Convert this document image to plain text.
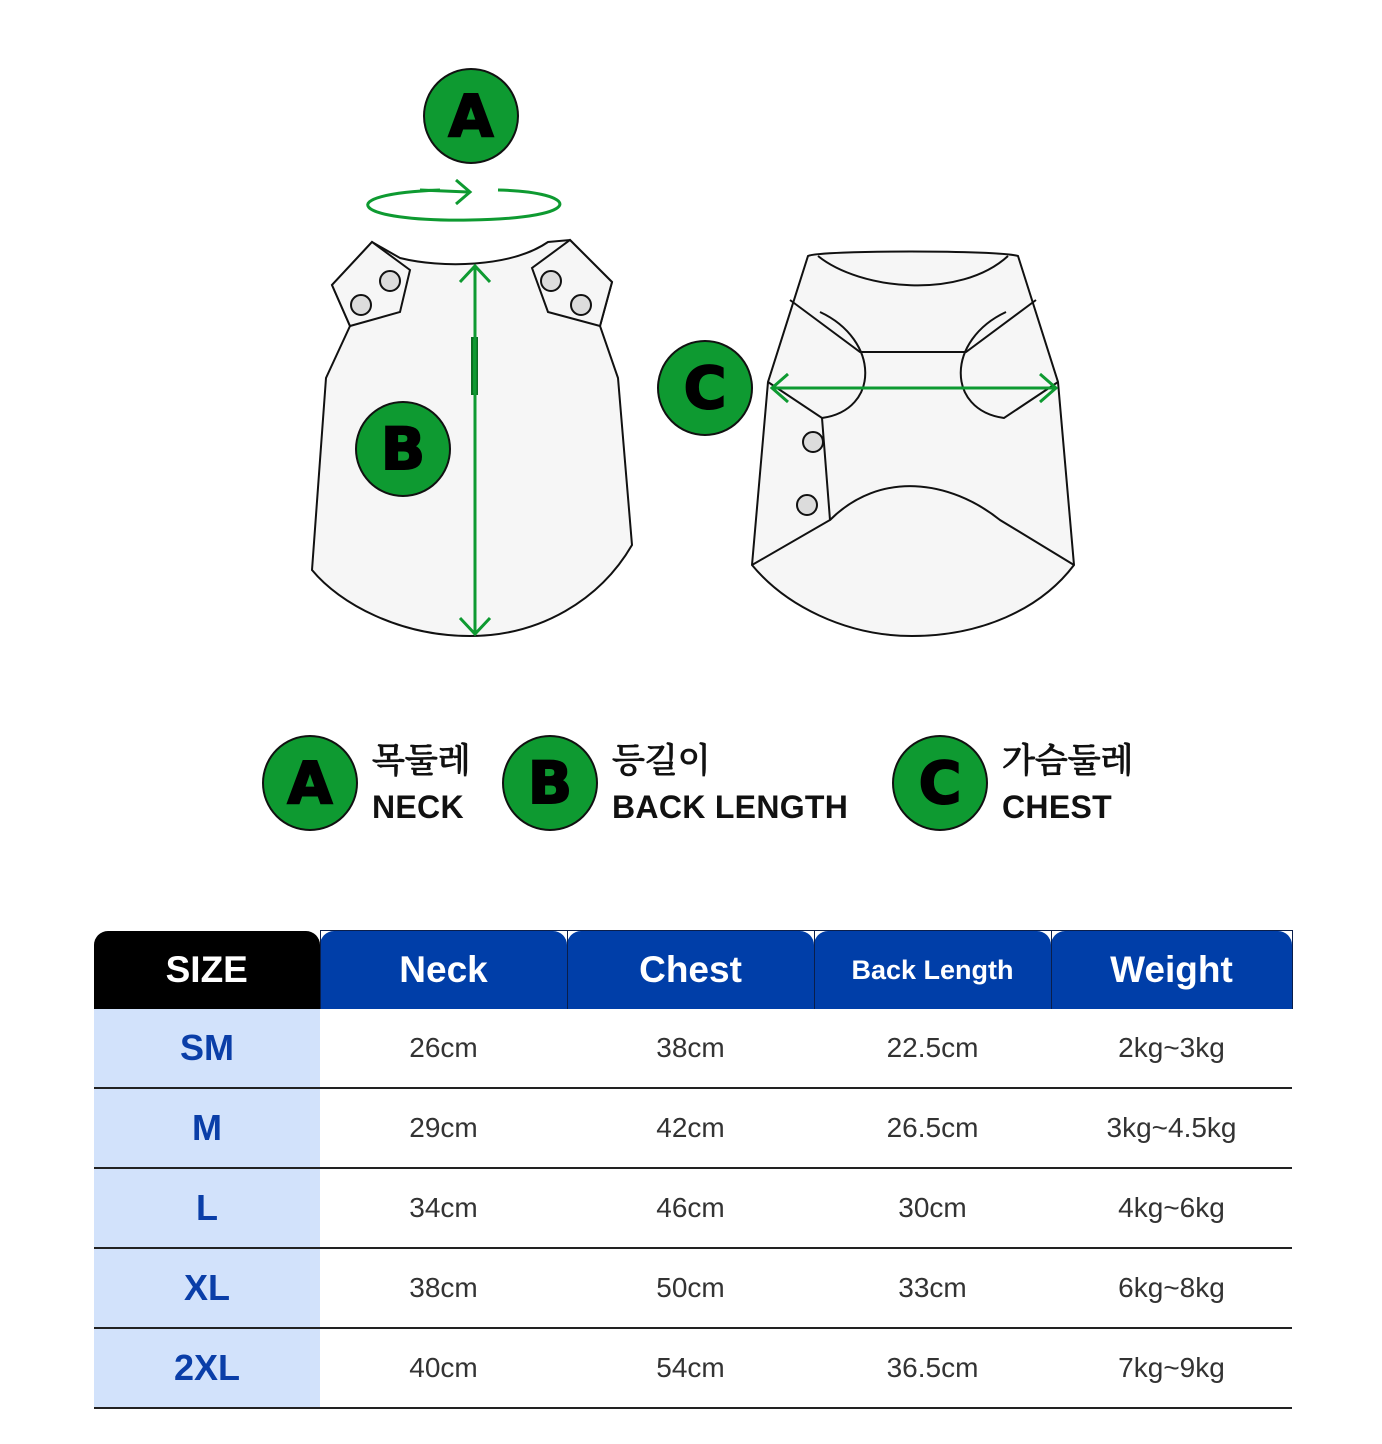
A
B
C
A	목둘레
NECK	B	등길이
BACK LENGTH	C	가슴둘레
CHEST
SIZE	Neck	Chest	Back Length	Weight
SM	26cm	38cm	22.5cm	2kg~3kg
M	29cm	42cm	26.5cm	3kg~4.5kg
L	34cm	46cm	30cm	4kg~6kg
XL	38cm	50cm	33cm	6kg~8kg
2XL	40cm	54cm	36.5cm	7kg~9kg
